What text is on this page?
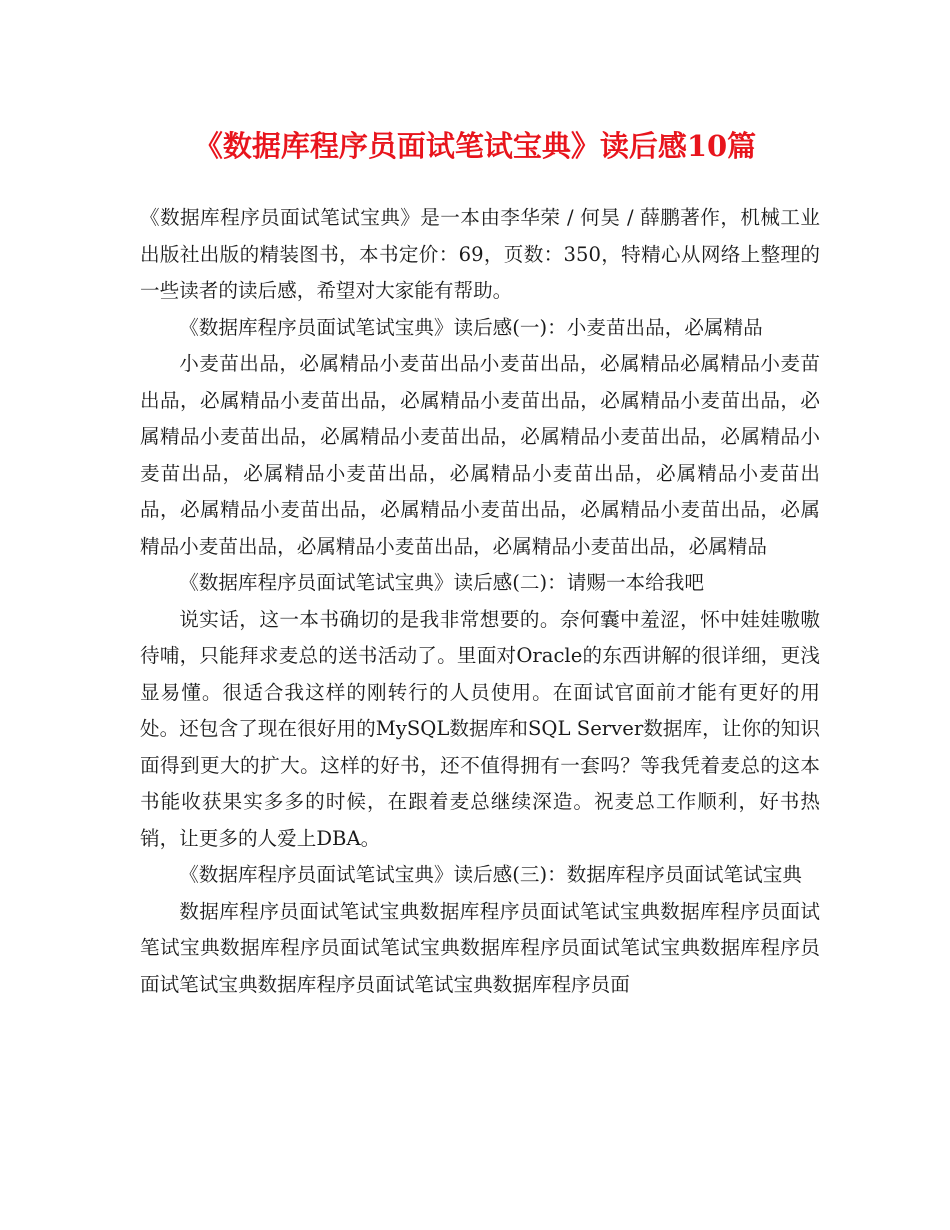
《数据库程序员面试笔试宝典》读后感10篇

《数据库程序员面试笔试宝典》是一本由李华荣 / 何昊 / 薛鹏著作，机械工业出版社出版的精装图书，本书定价：69，页数：350，特精心从网络上整理的一些读者的读后感，希望对大家能有帮助。

《数据库程序员面试笔试宝典》读后感(一)：小麦苗出品，必属精品

小麦苗出品，必属精品小麦苗出品小麦苗出品，必属精品必属精品小麦苗出品，必属精品小麦苗出品，必属精品小麦苗出品，必属精品小麦苗出品，必属精品小麦苗出品，必属精品小麦苗出品，必属精品小麦苗出品，必属精品小麦苗出品，必属精品小麦苗出品，必属精品小麦苗出品，必属精品小麦苗出品，必属精品小麦苗出品，必属精品小麦苗出品，必属精品小麦苗出品，必属精品小麦苗出品，必属精品小麦苗出品，必属精品小麦苗出品，必属精品

《数据库程序员面试笔试宝典》读后感(二)：请赐一本给我吧

说实话，这一本书确切的是我非常想要的。奈何囊中羞涩，怀中娃娃嗷嗷待哺，只能拜求麦总的送书活动了。里面对Oracle的东西讲解的很详细，更浅显易懂。很适合我这样的刚转行的人员使用。在面试官面前才能有更好的用处。还包含了现在很好用的MySQL数据库和SQL Server数据库，让你的知识面得到更大的扩大。这样的好书，还不值得拥有一套吗？等我凭着麦总的这本书能收获果实多多的时候，在跟着麦总继续深造。祝麦总工作顺利，好书热销，让更多的人爱上DBA。

《数据库程序员面试笔试宝典》读后感(三)：数据库程序员面试笔试宝典

数据库程序员面试笔试宝典数据库程序员面试笔试宝典数据库程序员面试笔试宝典数据库程序员面试笔试宝典数据库程序员面试笔试宝典数据库程序员面试笔试宝典数据库程序员面试笔试宝典数据库程序员面
